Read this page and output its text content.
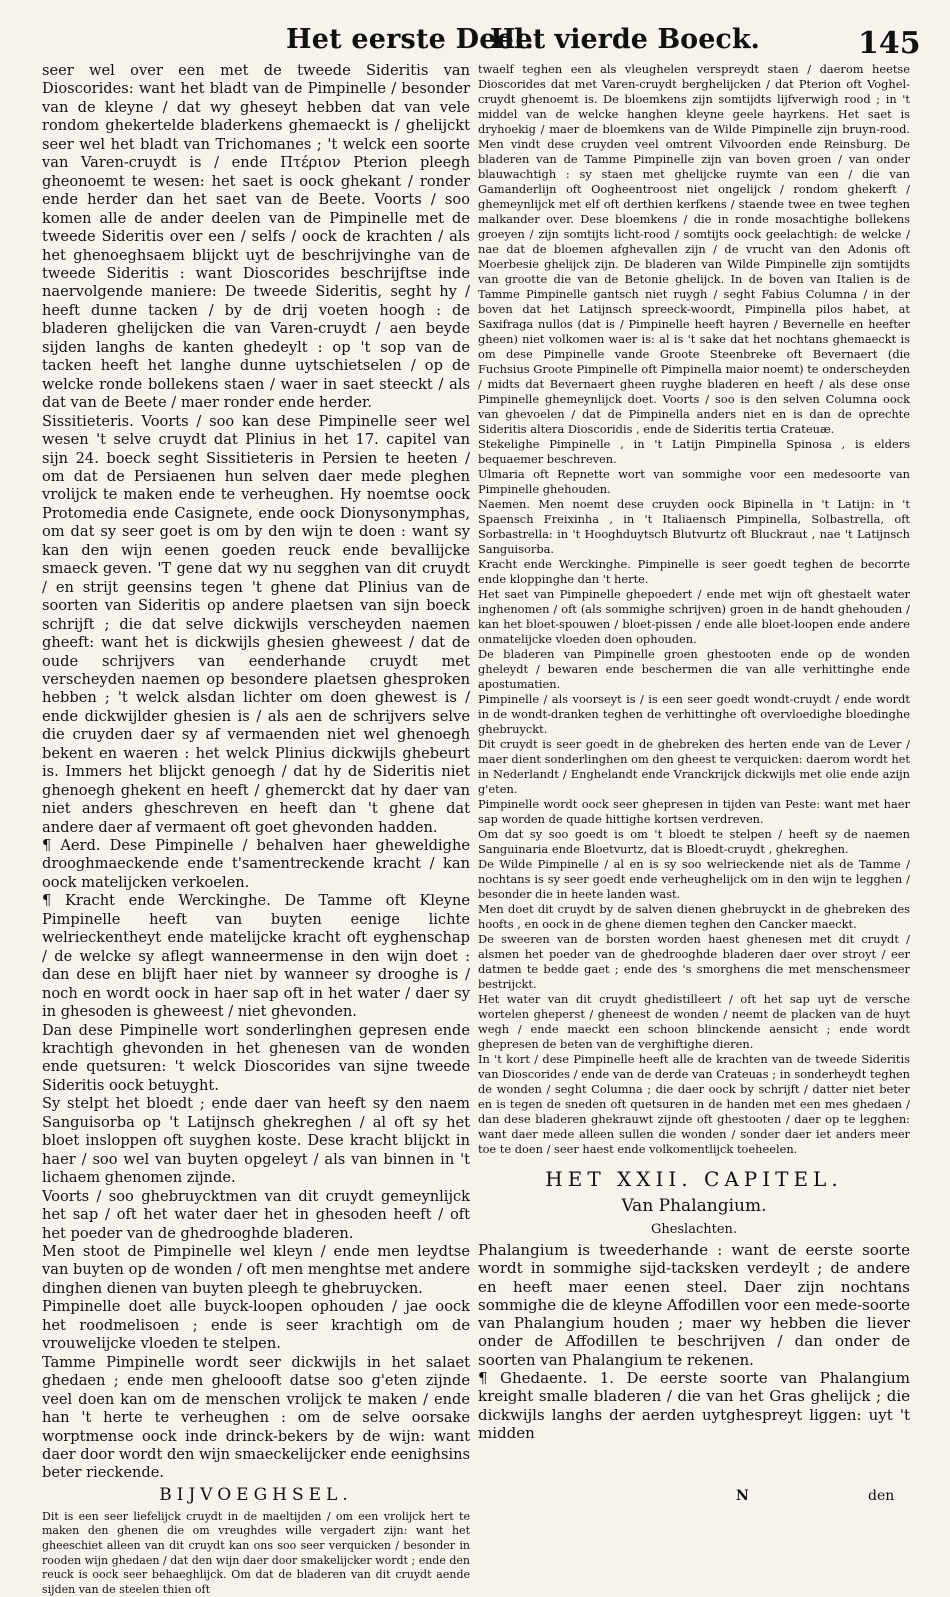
Het eerste Deel.
Het vierde Boeck.	145

seer wel over een met de tweede Sideritis van Dioscorides: want het bladt van de Pimpinelle / besonder van de kleyne / dat wy gheseyt hebben dat van vele rondom ghekertelde bladerkens ghemaeckt is / ghelijckt seer wel het bladt van Trichomanes ; 't welck een soorte van Varen-cruydt is / ende Πτέριον Pterion pleegh gheonoemt te wesen: het saet is oock ghekant / ronder ende herder dan het saet van de Beete. Voorts / soo komen alle de ander deelen van de Pimpinelle met de tweede Sideritis over een / selfs / oock de krachten / als het ghenoeghsaem blijckt uyt de beschrijvinghe van de tweede Sideritis : want Dioscorides beschrijftse inde naervolgende maniere: De tweede Sideritis, seght hy / heeft dunne tacken / by de drij voeten hoogh : de bladeren ghelijcken die van Varen-cruydt / aen beyde sijden langhs de kanten ghedeylt : op 't sop van de tacken heeft het langhe dunne uytschietselen / op de welcke ronde bollekens staen / waer in saet steeckt / als dat van de Beete / maer ronder ende herder.

Sissitieteris. Voorts / soo kan dese Pimpinelle seer wel wesen 't selve cruydt dat Plinius in het 17. capitel van sijn 24. boeck seght Sissitieteris in Persien te heeten / om dat de Persiaenen hun selven daer mede pleghen vrolijck te maken ende te verheughen. Hy noemtse oock Protomedia ende Casignete, ende oock Dionysonymphas, om dat sy seer goet is om by den wijn te doen : want sy kan den wijn eenen goeden reuck ende bevallijcke smaeck geven. 'T gene dat wy nu segghen van dit cruydt / en strijt geensins tegen 't ghene dat Plinius van de soorten van Sideritis op andere plaetsen van sijn boeck schrijft ; die dat selve dickwijls verscheyden naemen gheeft: want het is dickwijls ghesien gheweest / dat de oude schrijvers van eenderhande cruydt met verscheyden naemen op besondere plaetsen ghesproken hebben ; 't welck alsdan lichter om doen ghewest is / ende dickwijlder ghesien is / als aen de schrijvers selve die cruyden daer sy af vermaenden niet wel ghenoegh bekent en waeren : het welck Plinius dickwijls ghebeurt is. Immers het blijckt genoegh / dat hy de Sideritis niet ghenoegh ghekent en heeft / ghemerckt dat hy daer van niet anders gheschreven en heeft dan 't ghene dat andere daer af vermaent oft goet ghevonden hadden.

¶ Aerd. Dese Pimpinelle / behalven haer gheweldighe drooghmaeckende ende t'samentreckende kracht / kan oock matelijcken verkoelen.

¶ Kracht ende Werckinghe. De Tamme oft Kleyne Pimpinelle heeft van buyten eenige lichte welrieckentheyt ende matelijcke kracht oft eyghenschap / de welcke sy aflegt wanneermense in den wijn doet : dan dese en blijft haer niet by wanneer sy drooghe is / noch en wordt oock in haer sap oft in het water / daer sy in ghesoden is gheweest / niet ghevonden.

Dan dese Pimpinelle wort sonderlinghen gepresen ende krachtigh ghevonden in het ghenesen van de wonden ende quetsuren: 't welck Dioscorides van sijne tweede Sideritis oock betuyght.

Sy stelpt het bloedt ; ende daer van heeft sy den naem Sanguisorba op 't Latijnsch ghekreghen / al oft sy het bloet insloppen oft suyghen koste. Dese kracht blijckt in haer / soo wel van buyten opgeleyt / als van binnen in 't lichaem ghenomen zijnde.

Voorts / soo ghebruycktmen van dit cruydt gemeynlijck het sap / oft het water daer het in ghesoden heeft / oft het poeder van de ghedrooghde bladeren.

Men stoot de Pimpinelle wel kleyn / ende men leydtse van buyten op de wonden / oft men menghtse met andere dinghen dienen van buyten pleegh te ghebruycken.

Pimpinelle doet alle buyck-loopen ophouden / jae oock het roodmelisoen ; ende is seer krachtigh om de vrouwelijcke vloeden te stelpen.

Tamme Pimpinelle wordt seer dickwijls in het salaet ghedaen ; ende men gheloooft datse soo g'eten zijnde veel doen kan om de menschen vrolijck te maken / ende han 't herte te verheughen : om de selve oorsake worptmense oock inde drinck-bekers by de wijn: want daer door wordt den wijn smaeckelijcker ende eenighsins beter rieckende.

BIJVOEGHSEL.

Dit is een seer liefelijck cruydt in de maeltijden / om een vrolijck hert te maken den ghenen die om vreughdes wille vergadert zijn: want het gheeschiet alleen van dit cruydt kan ons soo seer verquicken / besonder in rooden wijn ghedaen / dat den wijn daer door smakelijcker wordt ; ende den reuck is oock seer behaeghlijck. Om dat de bladeren van dit cruydt aende sijden van de steelen thien oft

twaelf teghen een als vleughelen verspreydt staen / daerom heetse Dioscorides dat met Varen-cruydt berghelijcken / dat Pterion oft Voghel-cruydt ghenoemt is. De bloemkens zijn somtijdts lijfverwigh rood ; in 't middel van de welcke hanghen kleyne geele hayrkens. Het saet is dryhoekig / maer de bloemkens van de Wilde Pimpinelle zijn bruyn-rood. Men vindt dese cruyden veel omtrent Vilvoorden ende Reinsburg. De bladeren van de Tamme Pimpinelle zijn van boven groen / van onder blauwachtigh : sy staen met ghelijcke ruymte van een / die van Gamanderlijn oft Oogheentroost niet ongelijck / rondom ghekerft / ghemeynlijck met elf oft derthien kerfkens / staende twee en twee teghen malkander over. Dese bloemkens / die in ronde mosachtighe bollekens groeyen / zijn somtijts licht-rood / somtijts oock geelachtigh: de welcke / nae dat de bloemen afghevallen zijn / de vrucht van den Adonis oft Moerbesie ghelijck zijn. De bladeren van Wilde Pimpinelle zijn somtijdts van grootte die van de Betonie ghelijck. In de boven van Italien is de Tamme Pimpinelle gantsch niet ruygh / seght Fabius Columna / in der boven dat het Latijnsch spreeck-woordt, Pimpinella pilos habet, at Saxifraga nullos (dat is / Pimpinelle heeft hayren / Bevernelle en heefter gheen) niet volkomen waer is: al is 't sake dat het nochtans ghemaeckt is om dese Pimpinelle vande Groote Steenbreke oft Bevernaert (die Fuchsius Groote Pimpinelle oft Pimpinella maior noemt) te onderscheyden / midts dat Bevernaert gheen ruyghe bladeren en heeft / als dese onse Pimpinelle ghemeynlijck doet. Voorts / soo is den selven Columna oock van ghevoelen / dat de Pimpinella anders niet en is dan de oprechte Sideritis altera Dioscoridis , ende de Sideritis tertia Crateuæ.

Stekelighe Pimpinelle , in 't Latijn Pimpinella Spinosa , is elders bequaemer beschreven.

Ulmaria oft Repnette wort van sommighe voor een medesoorte van Pimpinelle ghehouden.

Naemen. Men noemt dese cruyden oock Bipinella in 't Latijn: in 't Spaensch Freixinha , in 't Italiaensch Pimpinella, Solbastrella, oft Sorbastrella: in 't Hooghduytsch Blutvurtz oft Bluckraut , nae 't Latijnsch Sanguisorba.

Kracht ende Werckinghe. Pimpinelle is seer goedt teghen de becorrte ende kloppinghe dan 't herte.

Het saet van Pimpinelle ghepoedert / ende met wijn oft ghestaelt water inghenomen / oft (als sommighe schrijven) groen in de handt ghehouden / kan het bloet-spouwen / bloet-pissen / ende alle bloet-loopen ende andere onmatelijcke vloeden doen ophouden.

De bladeren van Pimpinelle groen ghestooten ende op de wonden gheleydt / bewaren ende beschermen die van alle verhittinghe ende apostumatien.

Pimpinelle / als voorseyt is / is een seer goedt wondt-cruydt / ende wordt in de wondt-dranken teghen de verhittinghe oft overvloedighe bloedinghe ghebruyckt.

Dit cruydt is seer goedt in de ghebreken des herten ende van de Lever / maer dient sonderlinghen om den gheest te verquicken: daerom wordt het in Nederlandt / Enghelandt ende Vranckrijck dickwijls met olie ende azijn g'eten.

Pimpinelle wordt oock seer ghepresen in tijden van Peste: want met haer sap worden de quade hittighe kortsen verdreven.

Om dat sy soo goedt is om 't bloedt te stelpen / heeft sy de naemen Sanguinaria ende Bloetvurtz, dat is Bloedt-cruydt , ghekreghen.

De Wilde Pimpinelle / al en is sy soo welrieckende niet als de Tamme / nochtans is sy seer goedt ende verheughelijck om in den wijn te legghen / besonder die in heete landen wast.

Men doet dit cruydt by de salven dienen ghebruyckt in de ghebreken des hoofts , en oock in de ghene diemen teghen den Cancker maeckt.

De sweeren van de borsten worden haest ghenesen met dit cruydt / alsmen het poeder van de ghedrooghde bladeren daer over stroyt / eer datmen te bedde gaet ; ende des 's smorghens die met menschensmeer bestrijckt.

Het water van dit cruydt ghedistilleert / oft het sap uyt de versche wortelen gheperst / gheneest de wonden / neemt de placken van de huyt wegh / ende maeckt een schoon blinckende aensicht ; ende wordt ghepresen de beten van de verghiftighe dieren.

In 't kort / dese Pimpinelle heeft alle de krachten van de tweede Sideritis van Dioscorides / ende van de derde van Crateuas ; in sonderheydt teghen de wonden / seght Columna ; die daer oock by schrijft / datter niet beter en is tegen de sneden oft quetsuren in de handen met een mes ghedaen / dan dese bladeren ghekrauwt zijnde oft ghestooten / daer op te legghen: want daer mede alleen sullen die wonden / sonder daer iet anders meer toe te doen / seer haest ende volkomentlijck toeheelen.

HET XXII. CAPITEL.
Van Phalangium.
Gheslachten.

Phalangium is tweederhande : want de eerste soorte wordt in sommighe sijd-tacksken verdeylt ; de andere en heeft maer eenen steel. Daer zijn nochtans sommighe die de kleyne Affodillen voor een mede-soorte van Phalangium houden ; maer wy hebben die liever onder de Affodillen te beschrijven / dan onder de soorten van Phalangium te rekenen.

¶ Ghedaente. 1. De eerste soorte van Phalangium kreight smalle bladeren / die van het Gras ghelijck ; die dickwijls langhs der aerden uytghespreyt liggen: uyt 't midden

N	den
